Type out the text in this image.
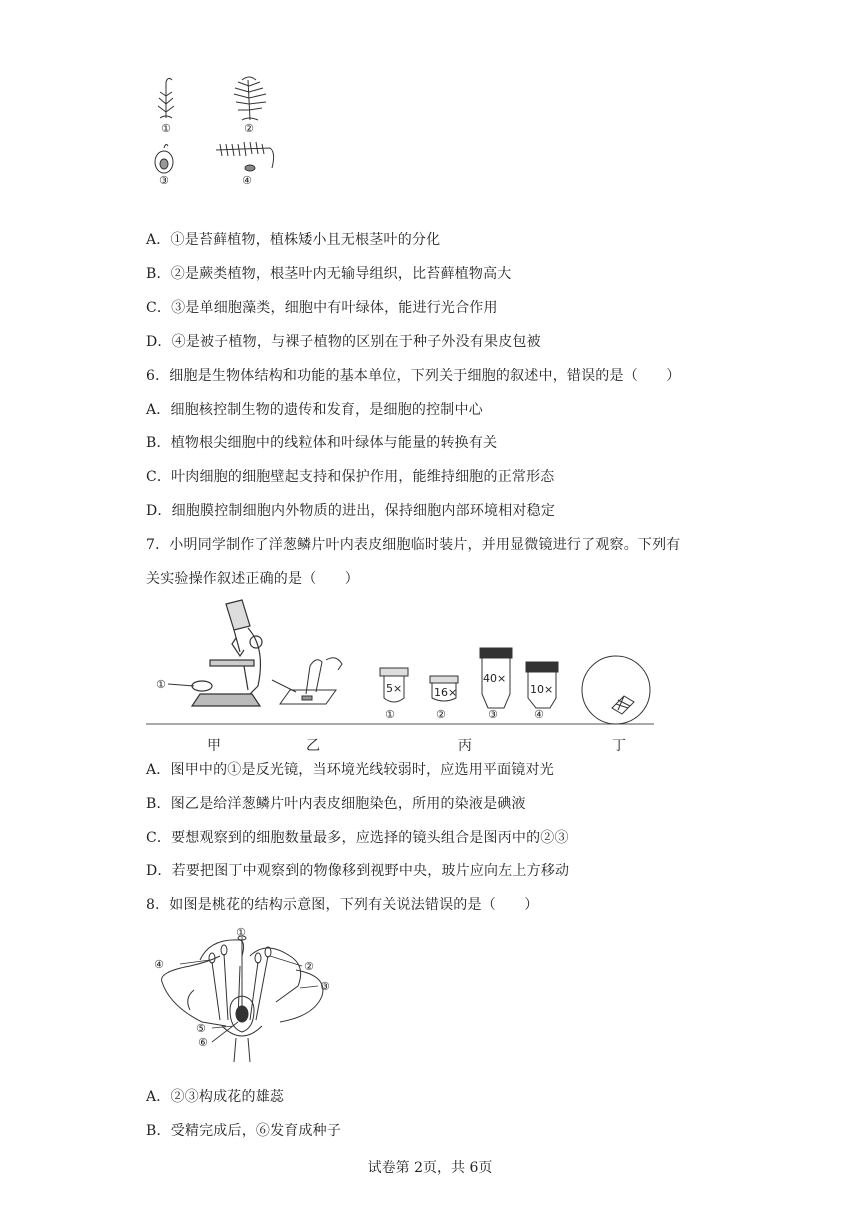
①	②
③	④
A．①是苔藓植物，植株矮小且无根茎叶的分化
B．②是蕨类植物，根茎叶内无输导组织，比苔藓植物高大
C．③是单细胞藻类，细胞中有叶绿体，能进行光合作用
D．④是被子植物，与裸子植物的区别在于种子外没有果皮包被
6．细胞是生物体结构和功能的基本单位，下列关于细胞的叙述中，错误的是（　　）
A．细胞核控制生物的遗传和发育，是细胞的控制中心
B．植物根尖细胞中的线粒体和叶绿体与能量的转换有关
C．叶肉细胞的细胞壁起支持和保护作用，能维持细胞的正常形态
D．细胞膜控制细胞内外物质的进出，保持细胞内部环境相对稳定
7．小明同学制作了洋葱鳞片叶内表皮细胞临时装片，并用显微镜进行了观察。下列有
关实验操作叙述正确的是（　　）
①	5×
①
16×
②
40×
③
10×
④
甲	乙	丙	丁
A．图甲中的①是反光镜，当环境光线较弱时，应选用平面镜对光
B．图乙是给洋葱鳞片叶内表皮细胞染色，所用的染液是碘液
C．要想观察到的细胞数量最多，应选择的镜头组合是图丙中的②③
D．若要把图丁中观察到的物像移到视野中央，玻片应向左上方移动
8．如图是桃花的结构示意图，下列有关说法错误的是（　　）
①
②
③
④
⑤
⑥
A．②③构成花的雄蕊
B．受精完成后，⑥发育成种子
试卷第 2页，共 6页
